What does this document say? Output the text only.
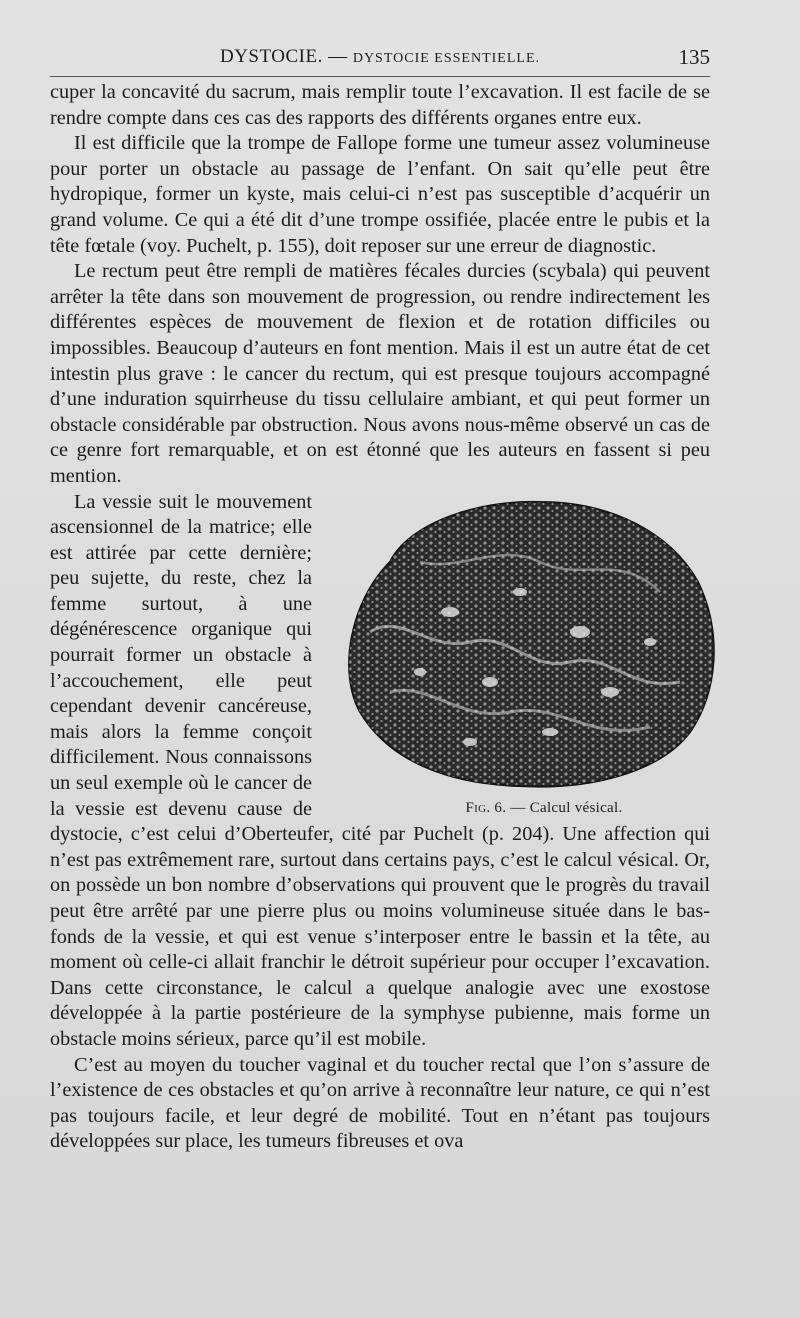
DYSTOCIE. — DYSTOCIE ESSENTIELLE.	135

cuper la concavité du sacrum, mais remplir toute l’excavation. Il est facile de se rendre compte dans ces cas des rapports des différents organes entre eux.

Il est difficile que la trompe de Fallope forme une tumeur assez volumineuse pour porter un obstacle au passage de l’enfant. On sait qu’elle peut être hydropique, former un kyste, mais celui-ci n’est pas susceptible d’acquérir un grand volume. Ce qui a été dit d’une trompe ossifiée, placée entre le pubis et la tête fœtale (voy. Puchelt, p. 155), doit reposer sur une erreur de diagnostic.

Le rectum peut être rempli de matières fécales durcies (scybala) qui peuvent arrêter la tête dans son mouvement de progression, ou rendre indirectement les différentes espèces de mouvement de flexion et de rotation difficiles ou impossibles. Beaucoup d’auteurs en font mention. Mais il est un autre état de cet intestin plus grave : le cancer du rectum, qui est presque toujours accompagné d’une induration squirrheuse du tissu cellulaire ambiant, et qui peut former un obstacle considérable par obstruction. Nous avons nous-même observé un cas de ce genre fort remarquable, et on est étonné que les auteurs en fassent si peu mention.

Fig. 6. — Calcul vésical.

La vessie suit le mouvement ascensionnel de la matrice; elle est attirée par cette dernière; peu sujette, du reste, chez la femme surtout, à une dégénérescence organique qui pourrait former un obstacle à l’accouchement, elle peut cependant devenir cancéreuse, mais alors la femme conçoit difficilement. Nous connaissons un seul exemple où le cancer de la vessie est devenu cause de dystocie, c’est celui d’Oberteufer, cité par Puchelt (p. 204). Une affection qui n’est pas extrêmement rare, surtout dans certains pays, c’est le calcul vésical. Or, on possède un bon nombre d’observations qui prouvent que le progrès du travail peut être arrêté par une pierre plus ou moins volumineuse située dans le bas-fonds de la vessie, et qui est venue s’interposer entre le bassin et la tête, au moment où celle-ci allait franchir le détroit supérieur pour occuper l’excavation. Dans cette circonstance, le calcul a quelque analogie avec une exostose développée à la partie postérieure de la symphyse pubienne, mais forme un obstacle moins sérieux, parce qu’il est mobile.

C’est au moyen du toucher vaginal et du toucher rectal que l’on s’assure de l’existence de ces obstacles et qu’on arrive à reconnaître leur nature, ce qui n’est pas toujours facile, et leur degré de mobilité. Tout en n’étant pas toujours développées sur place, les tumeurs fibreuses et ova
